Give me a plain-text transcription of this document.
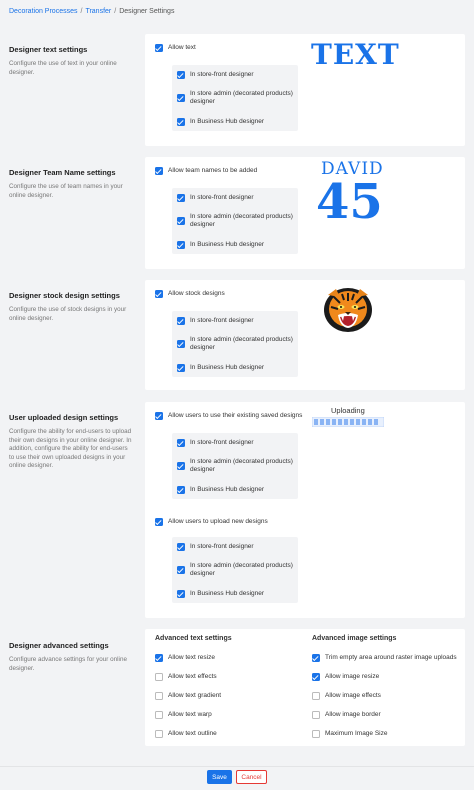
Decoration Processes / Transfer / Designer Settings
Designer text settings
Configure the use of text in your online designer.
Allow text
In store-front designer
In store admin (decorated products) designer
In Business Hub designer
TEXT
Designer Team Name settings
Configure the use of team names in your online designer.
Allow team names to be added
In store-front designer
In store admin (decorated products) designer
In Business Hub designer
DAVID
45
Designer stock design settings
Configure the use of stock designs in your online designer.
Allow stock designs
In store-front designer
In store admin (decorated products) designer
In Business Hub designer
User uploaded design settings
Configure the ability for end-users to upload their own designs in your online designer. In addition, configure the ability for end-users to use their own uploaded designs in your online designer.
Allow users to use their existing saved designs
In store-front designer
In store admin (decorated products) designer
In Business Hub designer
Allow users to upload new designs
In store-front designer
In store admin (decorated products) designer
In Business Hub designer
Uploading
Designer advanced settings
Configure advance settings for your online designer.
Advanced text settings	Advanced image settings
Allow text resize
Allow text effects
Allow text gradient
Allow text warp
Allow text outline
Trim empty area around raster image uploads
Allow image resize
Allow image effects
Allow image border
Maximum Image Size
Save	Cancel
